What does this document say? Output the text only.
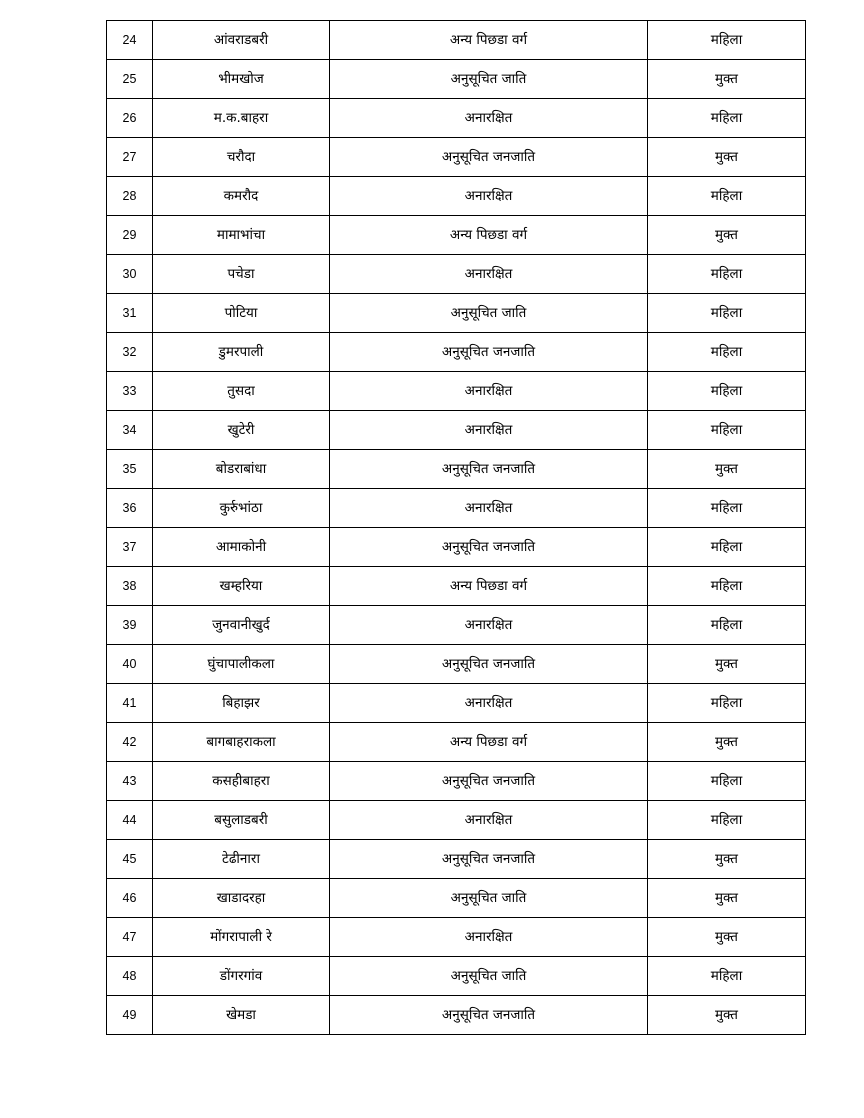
24	आंवराडबरी	अन्य पिछडा वर्ग	महिला
25	भीमखोज	अनुसूचित जाति	मुक्त
26	म.क.बाहरा	अनारक्षित	महिला
27	चरौदा	अनुसूचित जनजाति	मुक्त
28	कमरौद	अनारक्षित	महिला
29	मामाभांचा	अन्य पिछडा वर्ग	मुक्त
30	पचेडा	अनारक्षित	महिला
31	पोटिया	अनुसूचित जाति	महिला
32	डुमरपाली	अनुसूचित जनजाति	महिला
33	तुसदा	अनारक्षित	महिला
34	खुटेरी	अनारक्षित	महिला
35	बोडराबांधा	अनुसूचित जनजाति	मुक्त
36	कुर्रुभांठा	अनारक्षित	महिला
37	आमाकोनी	अनुसूचित जनजाति	महिला
38	खम्हरिया	अन्य पिछडा वर्ग	महिला
39	जुनवानीखुर्द	अनारक्षित	महिला
40	घुंचापालीकला	अनुसूचित जनजाति	मुक्त
41	बिहाझर	अनारक्षित	महिला
42	बागबाहराकला	अन्य पिछडा वर्ग	मुक्त
43	कसहीबाहरा	अनुसूचित जनजाति	महिला
44	बसुलाडबरी	अनारक्षित	महिला
45	टेढीनारा	अनुसूचित जनजाति	मुक्त
46	खाडादरहा	अनुसूचित जाति	मुक्त
47	मोंगरापाली रे	अनारक्षित	मुक्त
48	डोंगरगांव	अनुसूचित जाति	महिला
49	खेमडा	अनुसूचित जनजाति	मुक्त
